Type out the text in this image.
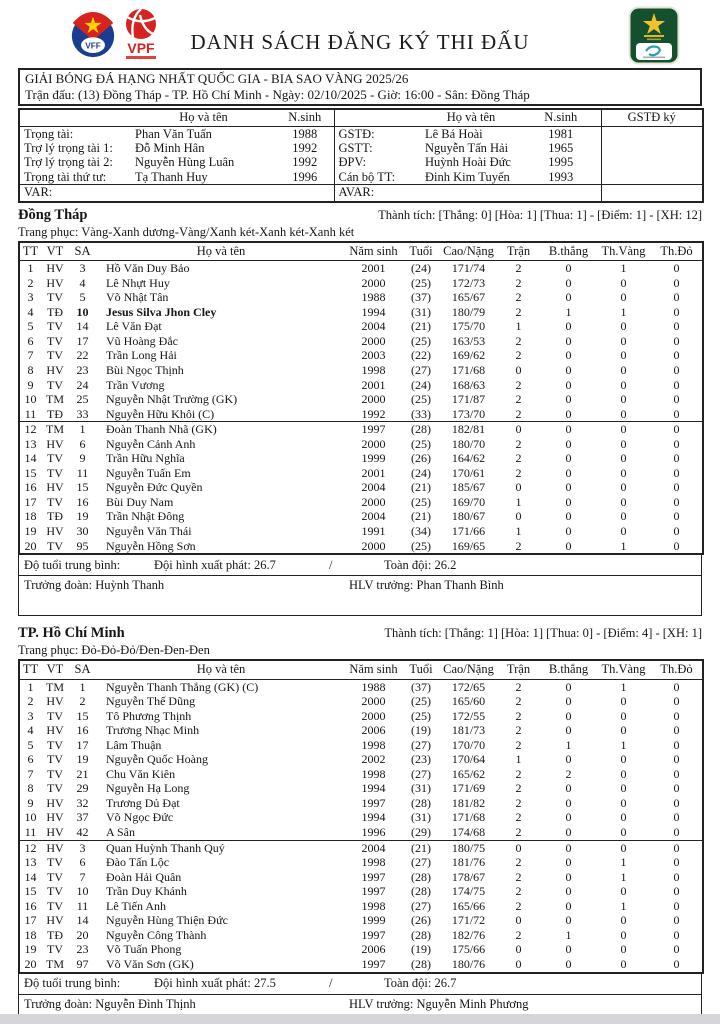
VFF VPF	DANH SÁCH ĐĂNG KÝ THI ĐẤU
GIẢI BÓNG ĐÁ HẠNG NHẤT QUỐC GIA - BIA SAO VÀNG 2025/26
Trận đấu: (13) Đồng Tháp - TP. Hồ Chí Minh - Ngày: 02/10/2025 - Giờ: 16:00 - Sân: Đồng Tháp
	Họ và tên	N.sinh		Họ và tên	N.sinh	GSTĐ ký
Trọng tài:	Phan Văn Tuấn	1988	GSTĐ:	Lê Bá Hoài	1981	
Trợ lý trọng tài 1:	Đỗ Minh Hân	1992	GSTT:	Nguyễn Tấn Hải	1965	
Trợ lý trọng tài 2:	Nguyễn Hùng Luân	1992	ĐPV:	Huỳnh Hoài Đức	1995	
Trọng tài thứ tư:	Tạ Thanh Huy	1996	Cán bộ TT:	Đinh Kim Tuyến	1993	
VAR:			AVAR:			
Đồng Tháp	Thành tích: [Thắng: 0] [Hòa: 1] [Thua: 1] - [Điểm: 1] - [XH: 12]
Trang phục: Vàng-Xanh dương-Vàng/Xanh két-Xanh két-Xanh két
TT	VT	SA	Họ và tên	Năm sinh	Tuổi	Cao/Nặng	Trận	B.thắng	Th.Vàng	Th.Đỏ
1	HV	3	Hồ Văn Duy Bảo	2001	(24)	171/74	2	0	1	0
2	HV	4	Lê Nhựt Huy	2000	(25)	172/73	2	0	0	0
3	TV	5	Võ Nhật Tân	1988	(37)	165/67	2	0	0	0
4	TĐ	10	Jesus Silva Jhon Cley	1994	(31)	180/79	2	1	1	0
5	TV	14	Lê Văn Đạt	2004	(21)	175/70	1	0	0	0
6	TV	17	Vũ Hoàng Đắc	2000	(25)	163/53	2	0	0	0
7	TV	22	Trần Long Hải	2003	(22)	169/62	2	0	0	0
8	HV	23	Bùi Ngọc Thịnh	1998	(27)	171/68	0	0	0	0
9	TV	24	Trần Vương	2001	(24)	168/63	2	0	0	0
10	TM	25	Nguyễn Nhật Trường (GK)	2000	(25)	171/87	2	0	0	0
11	TĐ	33	Nguyễn Hữu Khôi (C)	1992	(33)	173/70	2	0	0	0
12	TM	1	Đoàn Thanh Nhã (GK)	1997	(28)	182/81	0	0	0	0
13	HV	6	Nguyễn Cảnh Anh	2000	(25)	180/70	2	0	0	0
14	TV	9	Trần Hữu Nghĩa	1999	(26)	164/62	2	0	0	0
15	TV	11	Nguyễn Tuấn Em	2001	(24)	170/61	2	0	0	0
16	HV	15	Nguyễn Đức Quyền	2004	(21)	185/67	0	0	0	0
17	TV	16	Bùi Duy Nam	2000	(25)	169/70	1	0	0	0
18	TĐ	19	Trần Nhật Đông	2004	(21)	180/67	0	0	0	0
19	HV	30	Nguyễn Văn Thái	1991	(34)	171/66	1	0	0	0
20	TV	95	Nguyễn Hồng Sơn	2000	(25)	169/65	2	0	1	0
Độ tuổi trung bình:	Đội hình xuất phát: 26.7	/	Toàn đội: 26.2
Trưởng đoàn: Huỳnh Thanh	HLV trưởng: Phan Thanh Bình
TP. Hồ Chí Minh	Thành tích: [Thắng: 1] [Hòa: 1] [Thua: 0] - [Điểm: 4] - [XH: 1]
Trang phục: Đỏ-Đỏ-Đỏ/Đen-Đen-Đen
TT	VT	SA	Họ và tên	Năm sinh	Tuổi	Cao/Nặng	Trận	B.thắng	Th.Vàng	Th.Đỏ
1	TM	1	Nguyễn Thanh Thắng (GK) (C)	1988	(37)	172/65	2	0	1	0
2	HV	2	Nguyễn Thế Dũng	2000	(25)	165/60	2	0	0	0
3	TV	15	Tô Phương Thịnh	2000	(25)	172/55	2	0	0	0
4	HV	16	Trương Nhạc Minh	2006	(19)	181/73	2	0	0	0
5	TV	17	Lâm Thuận	1998	(27)	170/70	2	1	1	0
6	TV	19	Nguyễn Quốc Hoàng	2002	(23)	170/64	1	0	0	0
7	TV	21	Chu Văn Kiên	1998	(27)	165/62	2	2	0	0
8	TV	29	Nguyễn Hạ Long	1994	(31)	171/69	2	0	0	0
9	HV	32	Trương Dủ Đạt	1997	(28)	181/82	2	0	0	0
10	HV	37	Võ Ngọc Đức	1994	(31)	171/68	2	0	0	0
11	HV	42	A Sân	1996	(29)	174/68	2	0	0	0
12	HV	3	Quan Huỳnh Thanh Quý	2004	(21)	180/75	0	0	0	0
13	TV	6	Đào Tấn Lộc	1998	(27)	181/76	2	0	1	0
14	TV	7	Đoàn Hải Quân	1997	(28)	178/67	2	0	1	0
15	TV	10	Trần Duy Khánh	1997	(28)	174/75	2	0	0	0
16	TV	11	Lê Tiến Anh	1998	(27)	165/66	2	0	1	0
17	HV	14	Nguyễn Hùng Thiện Đức	1999	(26)	171/72	0	0	0	0
18	TĐ	20	Nguyễn Công Thành	1997	(28)	182/76	2	1	0	0
19	TV	23	Võ Tuấn Phong	2006	(19)	175/66	0	0	0	0
20	TM	97	Võ Văn Sơn (GK)	1997	(28)	180/76	0	0	0	0
Độ tuổi trung bình:	Đội hình xuất phát: 27.5	/	Toàn đội: 26.7
Trưởng đoàn: Nguyễn Đình Thịnh	HLV trưởng: Nguyễn Minh Phương
